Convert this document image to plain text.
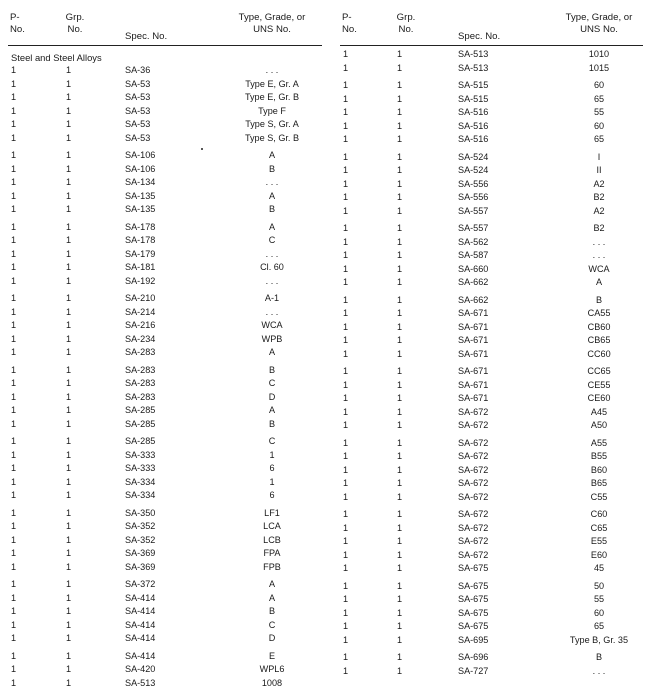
P-
No.
Grp.
No.
Spec. No.
Type, Grade, or
UNS No.
Steel and Steel Alloys
1	1	SA-36	. . .
1	1	SA-53	Type E, Gr. A
1	1	SA-53	Type E, Gr. B
1	1	SA-53	Type F
1	1	SA-53	Type S, Gr. A
1	1	SA-53	Type S, Gr. B
1	1	SA-106	A
1	1	SA-106	B
1	1	SA-134	. . .
1	1	SA-135	A
1	1	SA-135	B
1	1	SA-178	A
1	1	SA-178	C
1	1	SA-179	. . .
1	1	SA-181	Cl. 60
1	1	SA-192	. . .
1	1	SA-210	A-1
1	1	SA-214	. . .
1	1	SA-216	WCA
1	1	SA-234	WPB
1	1	SA-283	A
1	1	SA-283	B
1	1	SA-283	C
1	1	SA-283	D
1	1	SA-285	A
1	1	SA-285	B
1	1	SA-285	C
1	1	SA-333	1
1	1	SA-333	6
1	1	SA-334	1
1	1	SA-334	6
1	1	SA-350	LF1
1	1	SA-352	LCA
1	1	SA-352	LCB
1	1	SA-369	FPA
1	1	SA-369	FPB
1	1	SA-372	A
1	1	SA-414	A
1	1	SA-414	B
1	1	SA-414	C
1	1	SA-414	D
1	1	SA-414	E
1	1	SA-420	WPL6
1	1	SA-513	1008
P-
No.
Grp.
No.
Spec. No.
Type, Grade, or
UNS No.
1	1	SA-513	1010
1	1	SA-513	1015
1	1	SA-515	60
1	1	SA-515	65
1	1	SA-516	55
1	1	SA-516	60
1	1	SA-516	65
1	1	SA-524	I
1	1	SA-524	II
1	1	SA-556	A2
1	1	SA-556	B2
1	1	SA-557	A2
1	1	SA-557	B2
1	1	SA-562	. . .
1	1	SA-587	. . .
1	1	SA-660	WCA
1	1	SA-662	A
1	1	SA-662	B
1	1	SA-671	CA55
1	1	SA-671	CB60
1	1	SA-671	CB65
1	1	SA-671	CC60
1	1	SA-671	CC65
1	1	SA-671	CE55
1	1	SA-671	CE60
1	1	SA-672	A45
1	1	SA-672	A50
1	1	SA-672	A55
1	1	SA-672	B55
1	1	SA-672	B60
1	1	SA-672	B65
1	1	SA-672	C55
1	1	SA-672	C60
1	1	SA-672	C65
1	1	SA-672	E55
1	1	SA-672	E60
1	1	SA-675	45
1	1	SA-675	50
1	1	SA-675	55
1	1	SA-675	60
1	1	SA-675	65
1	1	SA-695	Type B, Gr. 35
1	1	SA-696	B
1	1	SA-727	. . .
